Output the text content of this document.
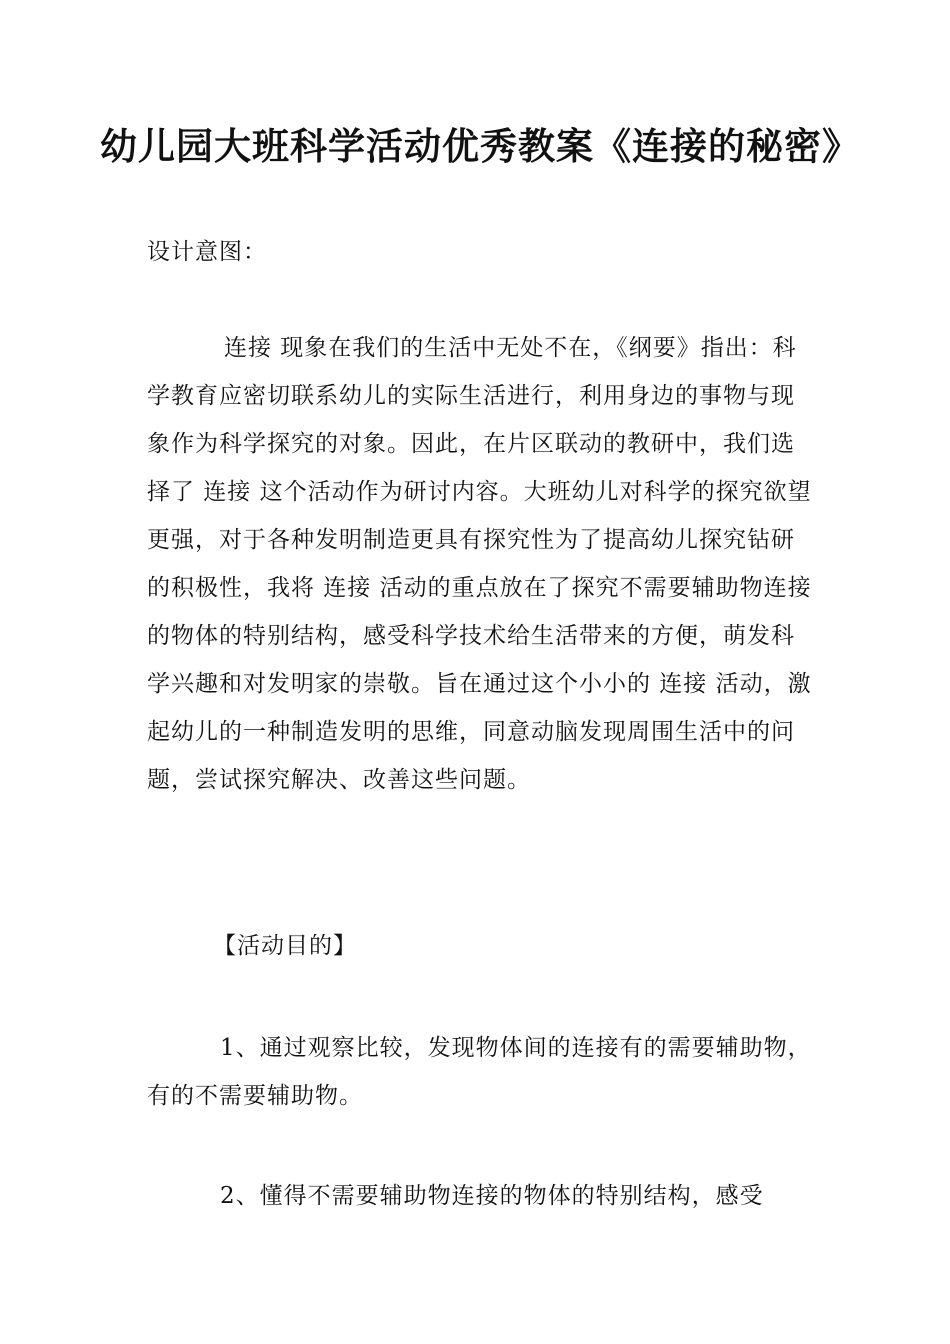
幼儿园大班科学活动优秀教案《连接的秘密》

设计意图：

连接 现象在我们的生活中无处不在，《纲要》指出：科学教育应密切联系幼儿的实际生活进行，利用身边的事物与现象作为科学探究的对象。因此，在片区联动的教研中，我们选择了 连接 这个活动作为研讨内容。大班幼儿对科学的探究欲望更强，对于各种发明制造更具有探究性为了提高幼儿探究钻研的积极性，我将 连接 活动的重点放在了探究不需要辅助物连接的物体的特别结构，感受科学技术给生活带来的方便，萌发科学兴趣和对发明家的崇敬。旨在通过这个小小的 连接 活动，激起幼儿的一种制造发明的思维，同意动脑发现周围生活中的问题，尝试探究解决、改善这些问题。

【活动目的】

1、通过观察比较，发现物体间的连接有的需要辅助物，有的不需要辅助物。

2、懂得不需要辅助物连接的物体的特别结构，感受
